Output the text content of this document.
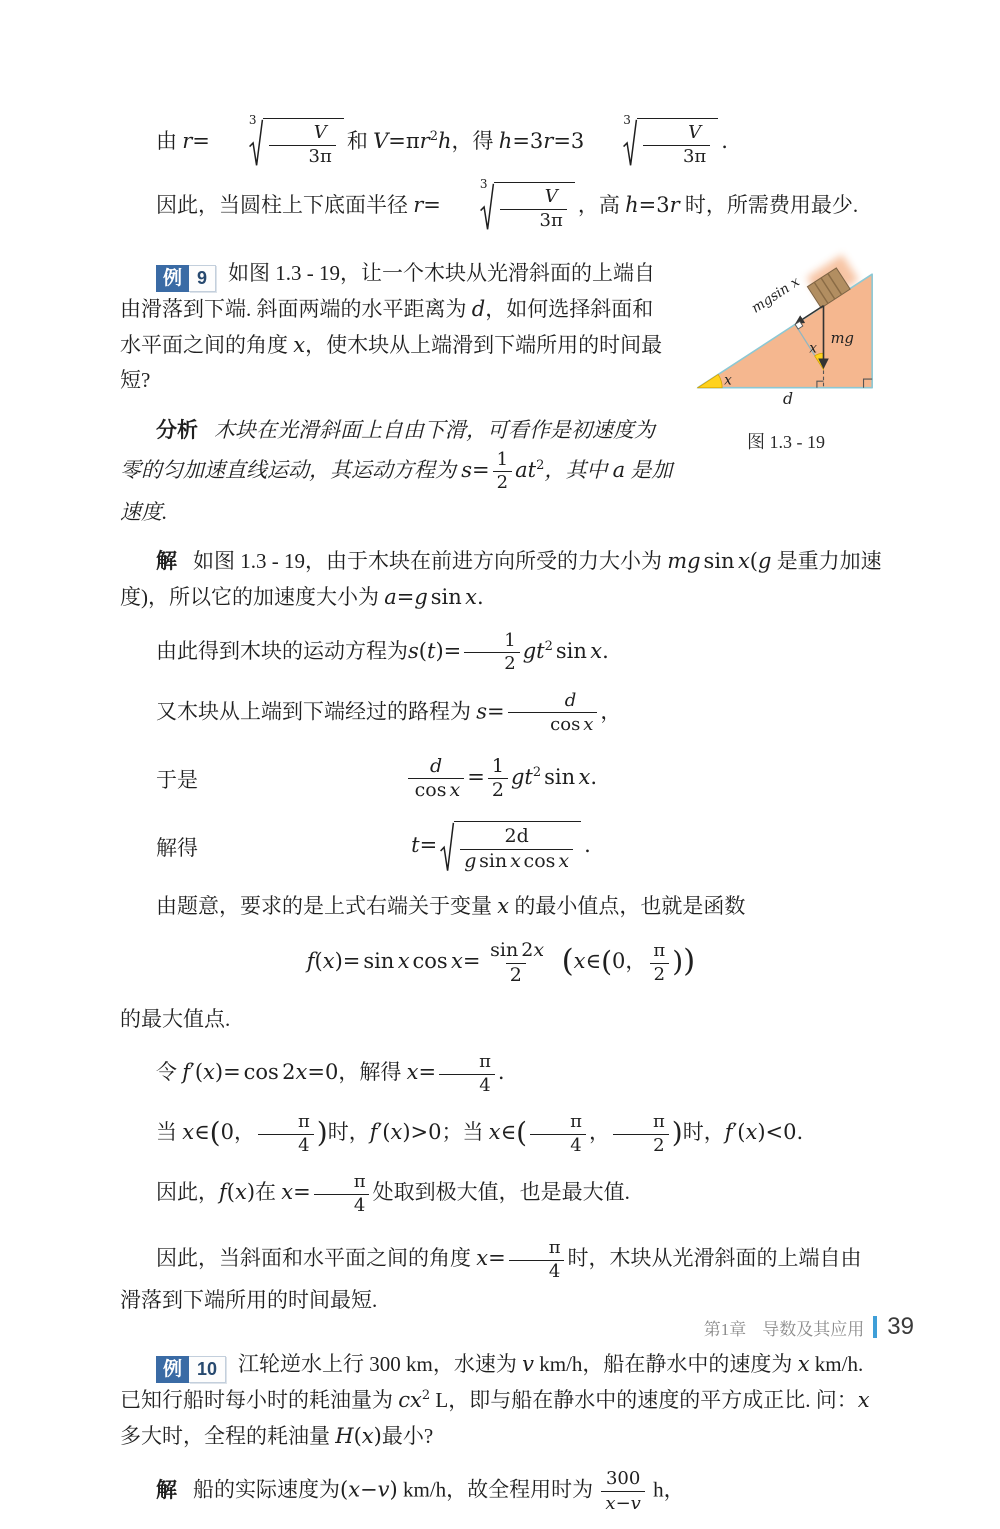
由 r=
3
$\frac{V}{3\pi}$ 和 $V=\pi r^2h$，得 h=3r=3
3
$\frac{V}{3\pi}$ .

因此，当圆柱上下底面半径 r=
3
$\frac{V}{3\pi}$ ，高 h=3r 时，所需费用最少.

mgsin x
mg
x
x
d
图 1.3 - 19

例 9	如图 1.3 - 19，让一个木块从光滑斜面的上端自由滑落到下端. 斜面两端的水平距离为 d，如何选择斜面和水平面之间的角度 x，使木块从上端滑到下端所用的时间最短?

分析 木块在光滑斜面上自由下滑，可看作是初速度为零的匀加速直线运动，其运动方程为 $s= \frac{1}{2} at^2$，其中 a 是加速度.

解 如图 1.3 - 19，由于木块在前进方向所受的力大小为 mg sin x(g 是重力加速度)，所以它的加速度大小为 a=g sin x.

由此得到木块的运动方程为$s(t)= \frac{1}{2} gt^2$ sin x.

又木块从上端到下端经过的路程为 $s= \frac{d}{\text{cos x}}$ ，

于是	$\frac{d}{\text{cos x}} = \frac{1}{2} gt^2$ sin x.
解得	$t= \frac{2d}{\text{g sin x cos x}}$ .

由题意，要求的是上式右端关于变量 x 的最小值点，也就是函数

f(x)= sin x $\cos x= \frac{\sin 2x}{2}$ (x∈(0， $\frac{\pi}{2}$ ))

的最大值点.

令 f′(x)= cos 2x=0，解得 $x= \frac{\pi}{4}$ .

当 x∈(0， $\frac{\pi}{4}$ )时，f′(x)>0；当 x∈( $\frac{\pi}{4}$ ， $\frac{\pi}{2}$ )时，f′(x)<0.

因此，f(x)在 $x= \frac{\pi}{4}$ 处取到极大值，也是最大值.

因此，当斜面和水平面之间的角度 $x= \frac{\pi}{4}$ 时，木块从光滑斜面的上端自由滑落到下端所用的时间最短.

例 10	江轮逆水上行 300 km，水速为 v km/h，船在静水中的速度为 x km/h. 已知行船时每小时的耗油量为 $cx^2$ L，即与船在静水中的速度的平方成正比. 问：x 多大时，全程的耗油量 H(x)最小?

解 船的实际速度为(x−v) km/h，故全程用时为 $\frac{300}{x-v}$ h，

第1章 导数及其应用 39
